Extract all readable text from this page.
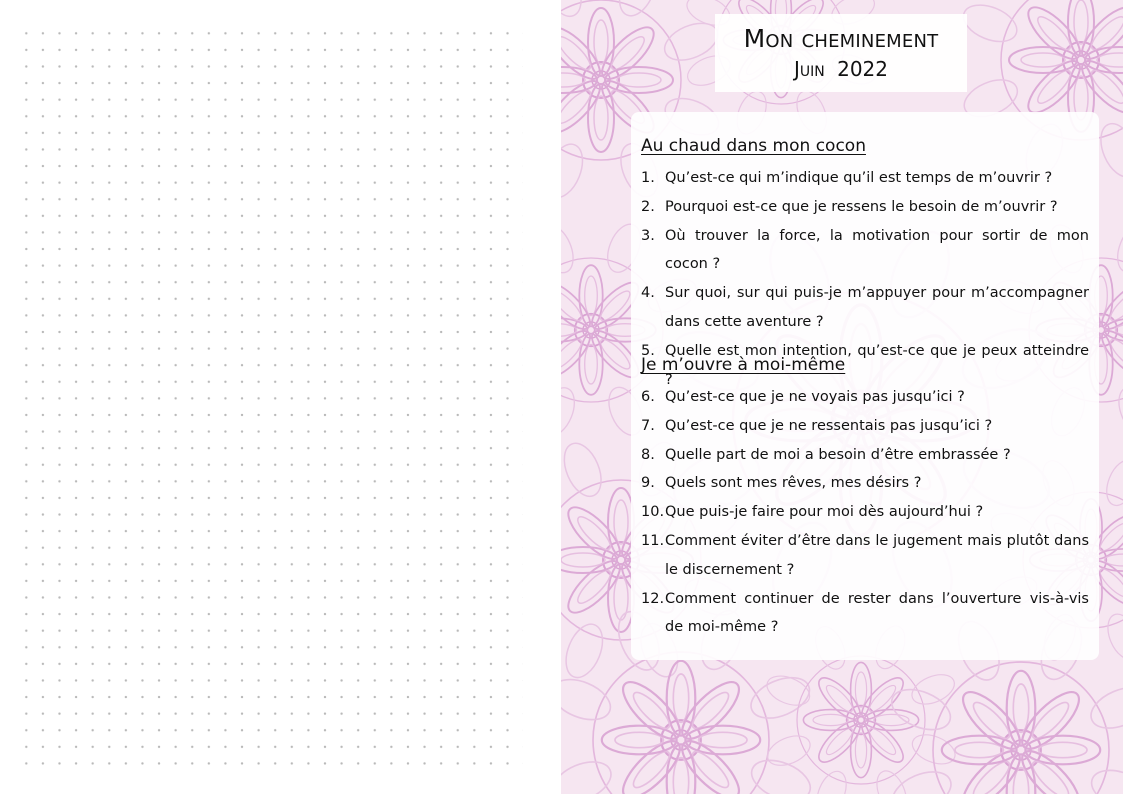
Mon cheminement
Juin 2022
Au chaud dans mon cocon
1. Qu’est-ce qui m’indique qu’il est temps de m’ouvrir ?
2. Pourquoi est-ce que je ressens le besoin de m’ouvrir ?
3. Où trouver la force, la motivation pour sortir de mon cocon ?
4. Sur quoi, sur qui puis-je m’appuyer pour m’accompagner dans cette aventure ?
5. Quelle est mon intention, qu’est-ce que je peux atteindre ?
Je m’ouvre à moi-même
6. Qu’est-ce que je ne voyais pas jusqu’ici ?
7. Qu’est-ce que je ne ressentais pas jusqu’ici ?
8. Quelle part de moi a besoin d’être embrassée ?
9. Quels sont mes rêves, mes désirs ?
10. Que puis-je faire pour moi dès aujourd’hui ?
11. Comment éviter d’être dans le jugement mais plutôt dans le discernement ?
12. Comment continuer de rester dans l’ouverture vis-à-vis de moi-même ?
